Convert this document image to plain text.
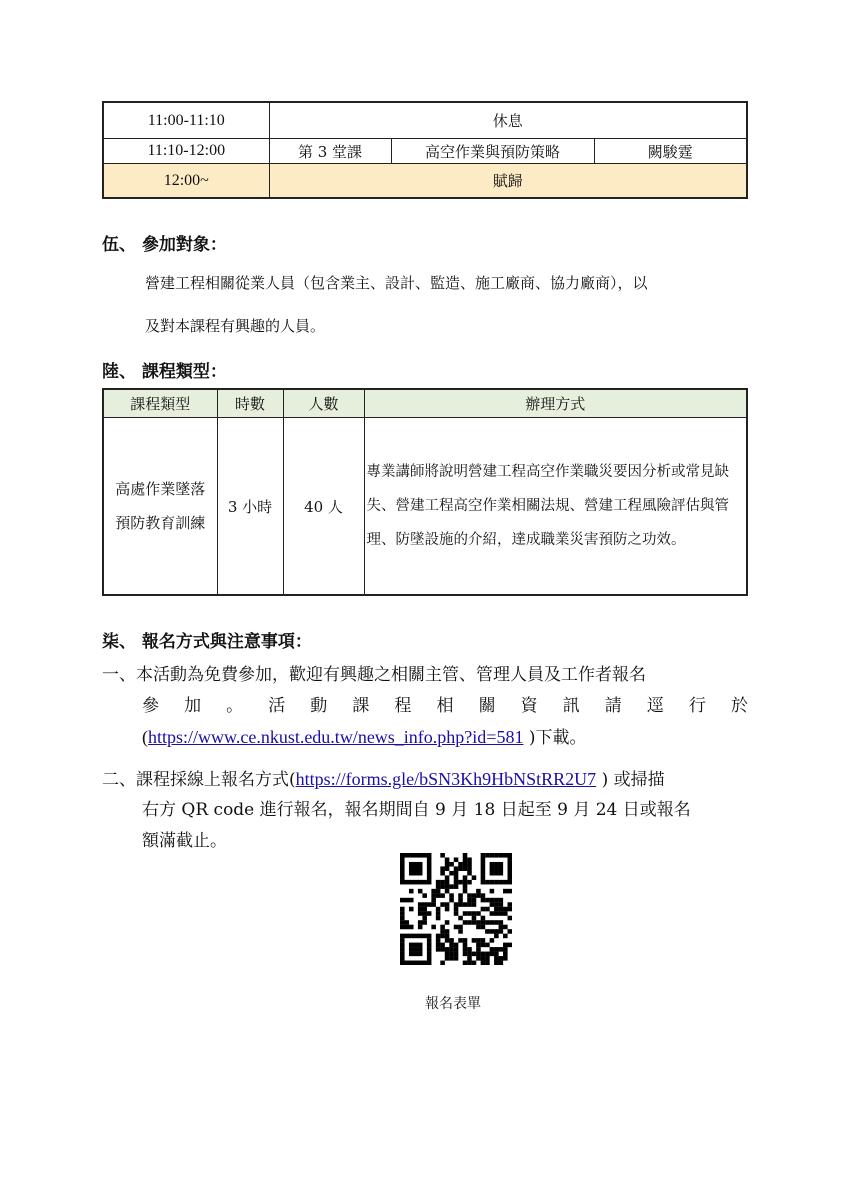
11:00-11:10	休息		
11:10-12:00	第 3 堂課	高空作業與預防策略	闕駿霆
12:00~	賦歸		
伍、 參加對象：
營建工程相關從業人員（包含業主、設計、監造、施工廠商、協力廠商），以
及對本課程有興趣的人員。
陸、 課程類型：
課程類型	時數	人數	辦理方式
高處作業墜落
預防教育訓練	3 小時	40 人	專業講師將說明營建工程高空作業職災要因分析或常見缺失、營建工程高空作業相關法規、營建工程風險評估與管理、防墜設施的介紹，達成職業災害預防之功效。
柒、 報名方式與注意事項：
一、本活動為免費參加，歡迎有興趣之相關主管、管理人員及工作者報名
參 加 。 活 動 課 程 相 關 資 訊 請 逕 行 於
(https://www.ce.nkust.edu.tw/news_info.php?id=581 )下載。
二、課程採線上報名方式(https://forms.gle/bSN3Kh9HbNStRR2U7 ) 或掃描
右方 QR code 進行報名，報名期間自 9 月 18 日起至 9 月 24 日或報名
額滿截止。
報名表單
